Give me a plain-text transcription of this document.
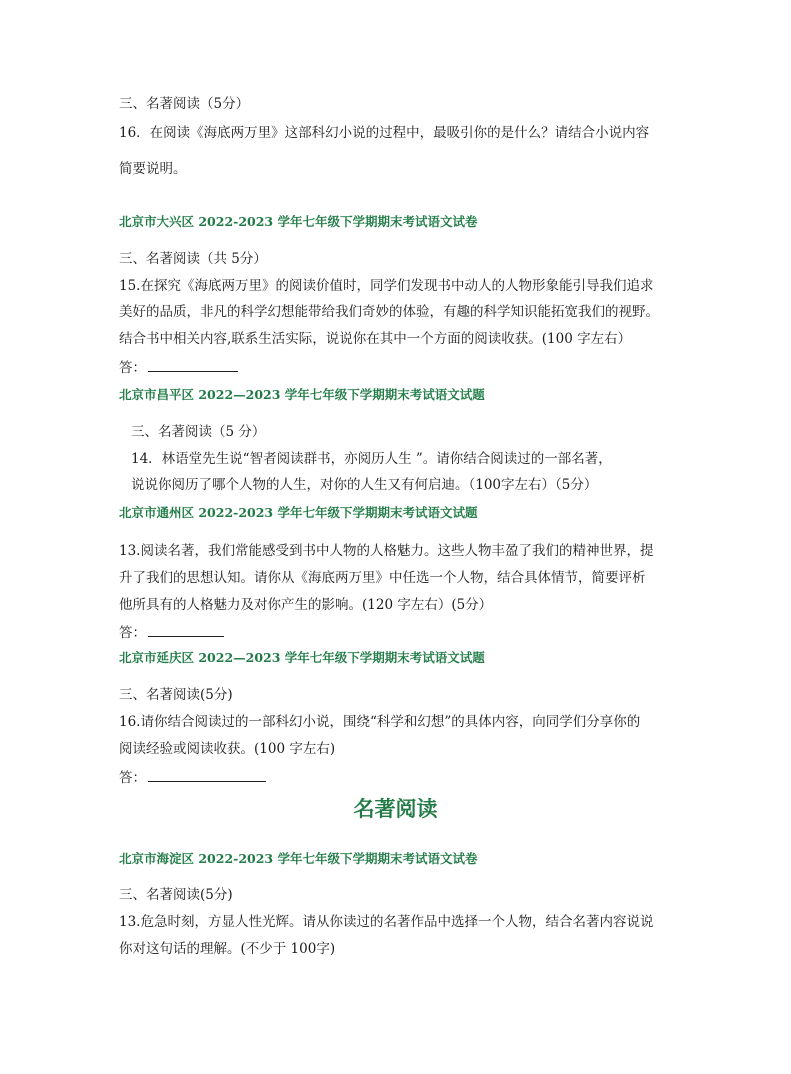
三、名著阅读（5分）
16．在阅读《海底两万里》这部科幻小说的过程中，最吸引你的是什么？请结合小说内容
简要说明。
北京市大兴区 2022-2023 学年七年级下学期期末考试语文试卷
三、名著阅读（共 5分）
15.在探究《海底两万里》的阅读价值时，同学们发现书中动人的人物形象能引导我们追求
美好的品质，非凡的科学幻想能带给我们奇妙的体验，有趣的科学知识能拓宽我们的视野。
结合书中相关内容,联系生活实际，说说你在其中一个方面的阅读收获。(100 字左右）
答：
北京市昌平区 2022—2023 学年七年级下学期期末考试语文试题
三、名著阅读（5 分）
14．林语堂先生说“智者阅读群书，亦阅历人生 ”。请你结合阅读过的一部名著，
说说你阅历了哪个人物的人生，对你的人生又有何启迪。（100字左右）（5分）
北京市通州区 2022-2023 学年七年级下学期期末考试语文试题
13.阅读名著，我们常能感受到书中人物的人格魅力。这些人物丰盈了我们的精神世界，提
升了我们的思想认知。请你从《海底两万里》中任选一个人物，结合具体情节，简要评析
他所具有的人格魅力及对你产生的影响。(120 字左右）(5分）
答：
北京市延庆区 2022—2023 学年七年级下学期期末考试语文试题
三、名著阅读(5分)
16.请你结合阅读过的一部科幻小说，围绕“科学和幻想”的具体内容，向同学们分享你的
阅读经验或阅读收获。(100 字左右)
答：
名著阅读
北京市海淀区 2022-2023 学年七年级下学期期末考试语文试卷
三、名著阅读(5分)
13.危急时刻，方显人性光辉。请从你读过的名著作品中选择一个人物，结合名著内容说说
你对这句话的理解。(不少于 100字)
